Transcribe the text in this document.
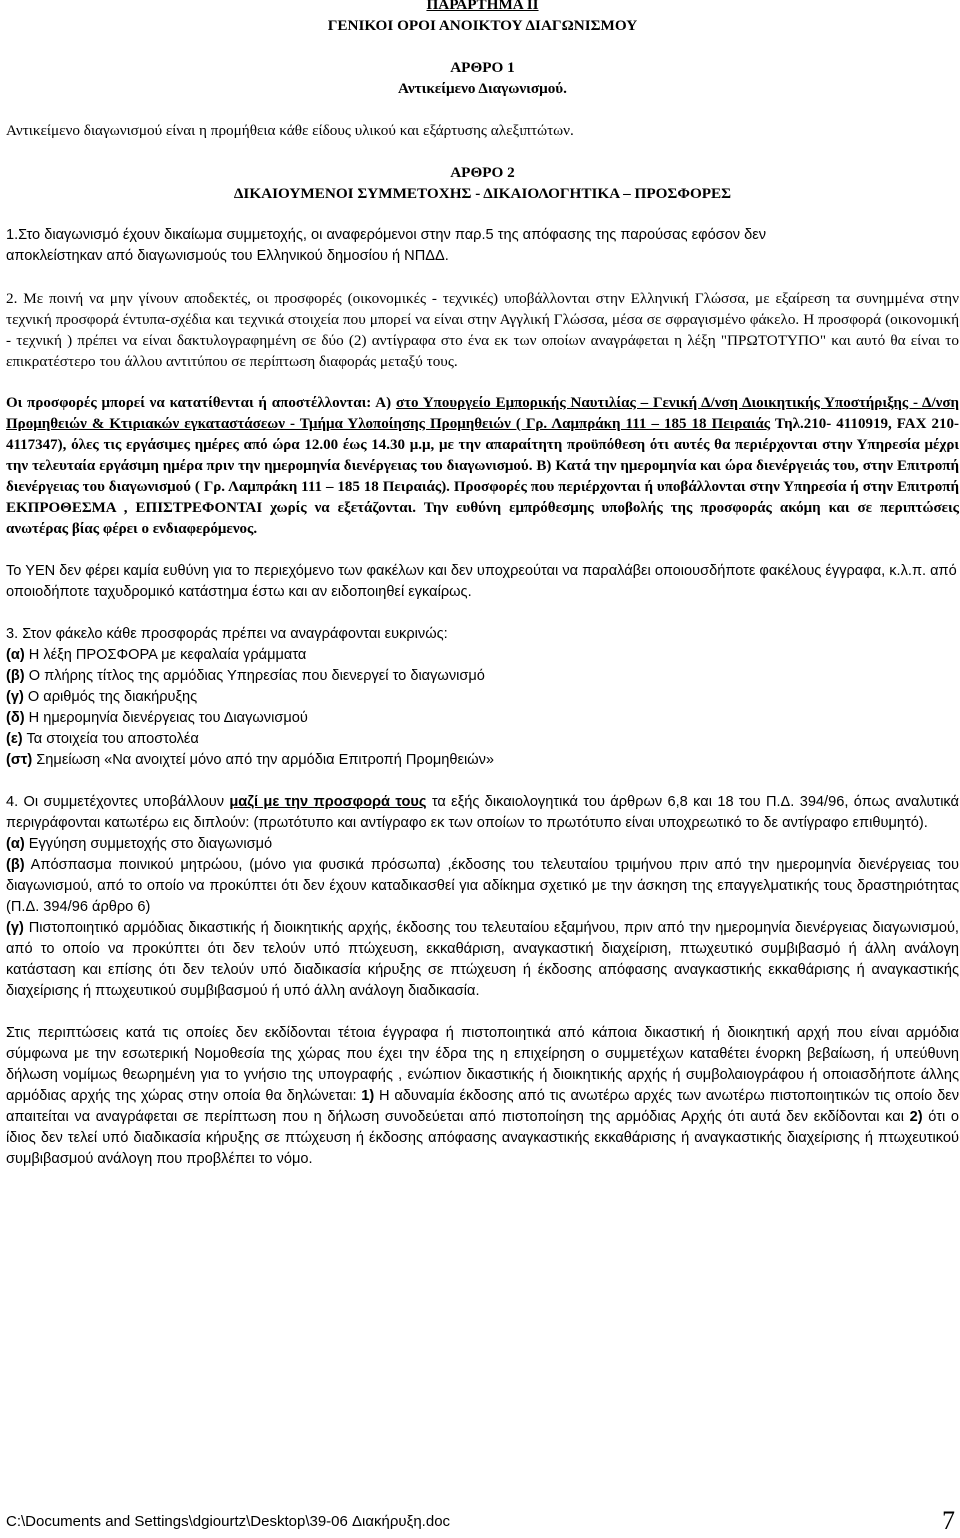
ΠΑΡΑΡΤΗΜΑ ΙΙ
ΓΕΝΙΚΟΙ ΟΡΟΙ ΑΝΟΙΚΤΟΥ ΔΙΑΓΩΝΙΣΜΟΥ
ΑΡΘΡΟ 1
Αντικείμενο Διαγωνισμού.

Αντικείμενο διαγωνισμού είναι η προμήθεια κάθε είδους υλικού και εξάρτυσης αλεξιπτώτων.

ΑΡΘΡΟ 2
ΔΙΚΑΙΟΥΜΕΝΟΙ ΣΥΜΜΕΤΟΧΗΣ - ΔΙΚΑΙΟΛΟΓΗΤΙΚΑ – ΠΡΟΣΦΟΡΕΣ

1.Στο διαγωνισμό έχουν δικαίωμα συμμετοχής, οι αναφερόμενοι στην παρ.5 της απόφασης της παρούσας εφόσον δεν
αποκλείστηκαν από διαγωνισμούς του Ελληνικού δημοσίου ή ΝΠΔΔ.

2. Με ποινή να μην γίνουν αποδεκτές, οι προσφορές (οικονομικές - τεχνικές) υποβάλλονται στην Ελληνική Γλώσσα, με εξαίρεση τα συνημμένα στην τεχνική προσφορά έντυπα-σχέδια και τεχνικά στοιχεία που μπορεί να είναι στην Αγγλική Γλώσσα, μέσα σε σφραγισμένο φάκελο. Η προσφορά (οικονομική - τεχνική ) πρέπει να είναι δακτυλογραφημένη σε δύο (2) αντίγραφα στο ένα εκ των οποίων αναγράφεται η λέξη "ΠΡΩΤΟΤΥΠΟ" και αυτό θα είναι το επικρατέστερο του άλλου αντιτύπου σε περίπτωση διαφοράς μεταξύ τους.

Οι προσφορές μπορεί να κατατίθενται ή αποστέλλονται: Α) στο Υπουργείο Εμπορικής Ναυτιλίας – Γενική Δ/νση Διοικητικής Υποστήριξης - Δ/νση Προμηθειών & Κτιριακών εγκαταστάσεων - Τμήμα Υλοποίησης Προμηθειών ( Γρ. Λαμπράκη 111 – 185 18 Πειραιάς Τηλ.210- 4110919, FAX 210-4117347), όλες τις εργάσιμες ημέρες από ώρα 12.00 έως 14.30 μ.μ, με την απαραίτητη προϋπόθεση ότι αυτές θα περιέρχονται στην Υπηρεσία μέχρι την τελευταία εργάσιμη ημέρα πριν την ημερομηνία διενέργειας του διαγωνισμού. Β) Κατά την ημερομηνία και ώρα διενέργειάς του, στην Επιτροπή διενέργειας του διαγωνισμού ( Γρ. Λαμπράκη 111 – 185 18 Πειραιάς). Προσφορές που περιέρχονται ή υποβάλλονται στην Υπηρεσία ή στην Επιτροπή ΕΚΠΡΟΘΕΣΜΑ , ΕΠΙΣΤΡΕΦΟΝΤΑΙ χωρίς να εξετάζονται. Την ευθύνη εμπρόθεσμης υποβολής της προσφοράς ακόμη και σε περιπτώσεις ανωτέρας βίας φέρει ο ενδιαφερόμενος.

Το ΥΕΝ δεν φέρει καμία ευθύνη για το περιεχόμενο των φακέλων και δεν υποχρεούται να παραλάβει οποιουσδήποτε φακέλους έγγραφα, κ.λ.π. από οποιοδήποτε ταχυδρομικό κατάστημα έστω και αν ειδοποιηθεί εγκαίρως.

3. Στον φάκελο κάθε προσφοράς πρέπει να αναγράφονται ευκρινώς:

(α) Η λέξη ΠΡΟΣΦΟΡΑ με κεφαλαία γράμματα
(β) Ο πλήρης τίτλος της αρμόδιας Υπηρεσίας που διενεργεί το διαγωνισμό
(γ) Ο αριθμός της διακήρυξης
(δ) Η ημερομηνία διενέργειας του Διαγωνισμού
(ε) Τα στοιχεία του αποστολέα
(στ) Σημείωση «Να ανοιχτεί μόνο από την αρμόδια Επιτροπή Προμηθειών»

4. Οι συμμετέχοντες υποβάλλουν μαζί με την προσφορά τους τα εξής δικαιολογητικά του άρθρων 6,8 και 18 του Π.Δ. 394/96, όπως αναλυτικά περιγράφονται κατωτέρω εις διπλούν: (πρωτότυπο και αντίγραφο εκ των οποίων το πρωτότυπο είναι υποχρεωτικό το δε αντίγραφο επιθυμητό).

(α) Εγγύηση συμμετοχής στο διαγωνισμό
(β) Απόσπασμα ποινικού μητρώου, (μόνο για φυσικά πρόσωπα) ,έκδοσης του τελευταίου τριμήνου πριν από την ημερομηνία διενέργειας του διαγωνισμού, από το οποίο να προκύπτει ότι δεν έχουν καταδικασθεί για αδίκημα σχετικό με την άσκηση της επαγγελματικής τους δραστηριότητας (Π.Δ. 394/96 άρθρο 6)
(γ) Πιστοποιητικό αρμόδιας δικαστικής ή διοικητικής αρχής, έκδοσης του τελευταίου εξαμήνου, πριν από την ημερομηνία διενέργειας διαγωνισμού, από το οποίο να προκύπτει ότι δεν τελούν υπό πτώχευση, εκκαθάριση, αναγκαστική διαχείριση, πτωχευτικό συμβιβασμό ή άλλη ανάλογη κατάσταση και επίσης ότι δεν τελούν υπό διαδικασία κήρυξης σε πτώχευση ή έκδοσης απόφασης αναγκαστικής εκκαθάρισης ή αναγκαστικής διαχείρισης ή πτωχευτικού συμβιβασμού ή υπό άλλη ανάλογη διαδικασία.

Στις περιπτώσεις κατά τις οποίες δεν εκδίδονται τέτοια έγγραφα ή πιστοποιητικά από κάποια δικαστική ή διοικητική αρχή που είναι αρμόδια σύμφωνα με την εσωτερική Νομοθεσία της χώρας που έχει την έδρα της η επιχείρηση ο συμμετέχων καταθέτει ένορκη βεβαίωση, ή υπεύθυνη δήλωση νομίμως θεωρημένη για το γνήσιο της υπογραφής , ενώπιον δικαστικής ή διοικητικής αρχής ή συμβολαιογράφου ή οποιασδήποτε άλλης αρμόδιας αρχής της χώρας στην οποία θα δηλώνεται: 1) Η αδυναμία έκδοσης από τις ανωτέρω αρχές των ανωτέρω πιστοποιητικών τις οποίο δεν απαιτείται να αναγράφεται σε περίπτωση που η δήλωση συνοδεύεται από πιστοποίηση της αρμόδιας Αρχής ότι αυτά δεν εκδίδονται και 2) ότι ο ίδιος δεν τελεί υπό διαδικασία κήρυξης σε πτώχευση ή έκδοσης απόφασης αναγκαστικής εκκαθάρισης ή αναγκαστικής διαχείρισης ή πτωχευτικού συμβιβασμού ανάλογη που προβλέπει το νόμο.

C:\Documents and Settings\dgiourtz\Desktop\39-06 Διακήρυξη.doc	7
